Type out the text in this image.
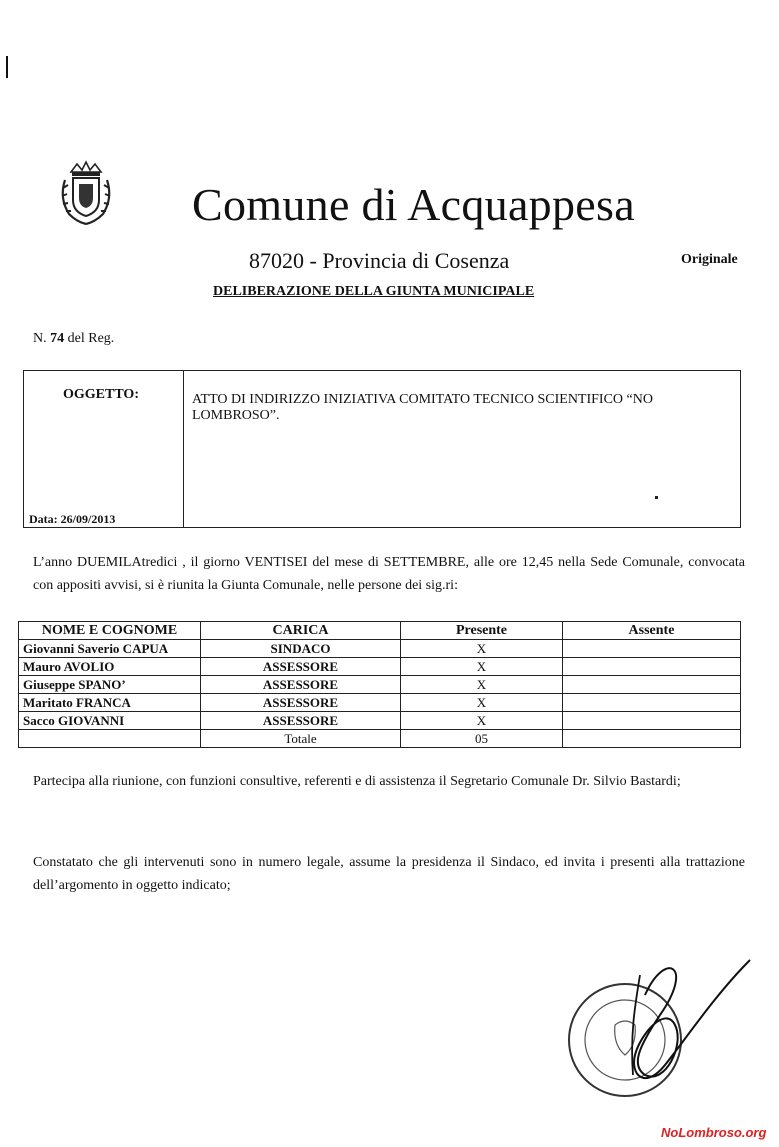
Comune di Acquappesa
87020 - Provincia di Cosenza	Originale
DELIBERAZIONE DELLA GIUNTA MUNICIPALE
N. 74 del Reg.
OGGETTO:	ATTO DI INDIRIZZO INIZIATIVA COMITATO TECNICO SCIENTIFICO “NO LOMBROSO”.
Data: 26/09/2013
L’anno DUEMILAtredici , il giorno VENTISEI del mese di SETTEMBRE, alle ore 12,45 nella Sede Comunale, convocata con appositi avvisi, si è riunita la Giunta Comunale, nelle persone dei sig.ri:
NOME E COGNOME	CARICA	Presente	Assente
Giovanni Saverio CAPUA	SINDACO	X	
Mauro AVOLIO	ASSESSORE	X	
Giuseppe SPANO’	ASSESSORE	X	
Maritato FRANCA	ASSESSORE	X	
Sacco GIOVANNI	ASSESSORE	X	
	Totale	05	
Partecipa alla riunione, con funzioni consultive, referenti e di assistenza il Segretario Comunale Dr. Silvio Bastardi;
Constatato che gli intervenuti sono in numero legale, assume la presidenza il Sindaco, ed invita i presenti alla trattazione dell’argomento in oggetto indicato;
NoLombroso.org
